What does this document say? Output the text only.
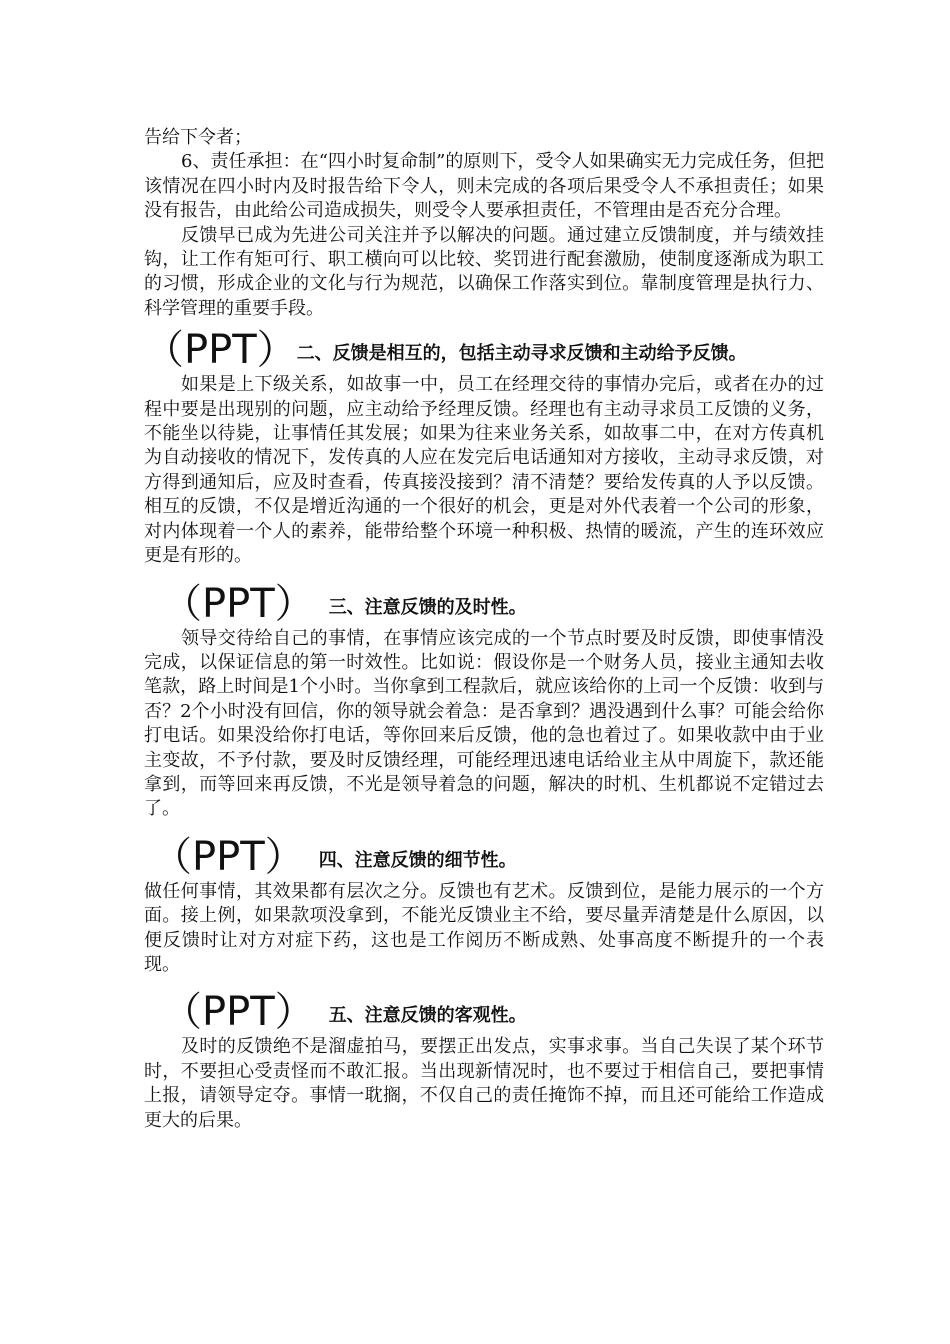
告给下令者；

6、责任承担：在“四小时复命制”的原则下，受令人如果确实无力完成任务，但把该情况在四小时内及时报告给下令人，则未完成的各项后果受令人不承担责任；如果没有报告，由此给公司造成损失，则受令人要承担责任，不管理由是否充分合理。

反馈早已成为先进公司关注并予以解决的问题。通过建立反馈制度，并与绩效挂钩，让工作有矩可行、职工横向可以比较、奖罚进行配套激励，使制度逐渐成为职工的习惯，形成企业的文化与行为规范，以确保工作落实到位。靠制度管理是执行力、科学管理的重要手段。

（PPT） 二、反馈是相互的，包括主动寻求反馈和主动给予反馈。

如果是上下级关系，如故事一中，员工在经理交待的事情办完后，或者在办的过程中要是出现别的问题，应主动给予经理反馈。经理也有主动寻求员工反馈的义务，不能坐以待毙，让事情任其发展；如果为往来业务关系，如故事二中，在对方传真机为自动接收的情况下，发传真的人应在发完后电话通知对方接收，主动寻求反馈，对方得到通知后，应及时查看，传真接没接到？清不清楚？要给发传真的人予以反馈。相互的反馈，不仅是增近沟通的一个很好的机会，更是对外代表着一个公司的形象，对内体现着一个人的素养，能带给整个环境一种积极、热情的暖流，产生的连环效应更是有形的。

（PPT） 三、注意反馈的及时性。

领导交待给自己的事情，在事情应该完成的一个节点时要及时反馈，即使事情没完成，以保证信息的第一时效性。比如说：假设你是一个财务人员，接业主通知去收笔款，路上时间是1个小时。当你拿到工程款后，就应该给你的上司一个反馈：收到与否？2个小时没有回信，你的领导就会着急：是否拿到？遇没遇到什么事？可能会给你打电话。如果没给你打电话，等你回来后反馈，他的急也着过了。如果收款中由于业主变故，不予付款，要及时反馈经理，可能经理迅速电话给业主从中周旋下，款还能拿到，而等回来再反馈，不光是领导着急的问题，解决的时机、生机都说不定错过去了。

（PPT） 四、注意反馈的细节性。

做任何事情，其效果都有层次之分。反馈也有艺术。反馈到位，是能力展示的一个方面。接上例，如果款项没拿到，不能光反馈业主不给，要尽量弄清楚是什么原因，以便反馈时让对方对症下药，这也是工作阅历不断成熟、处事高度不断提升的一个表现。

（PPT） 五、注意反馈的客观性。

及时的反馈绝不是溜虚拍马，要摆正出发点，实事求事。当自己失误了某个环节时，不要担心受责怪而不敢汇报。当出现新情况时，也不要过于相信自己，要把事情上报，请领导定夺。事情一耽搁，不仅自己的责任掩饰不掉，而且还可能给工作造成更大的后果。
